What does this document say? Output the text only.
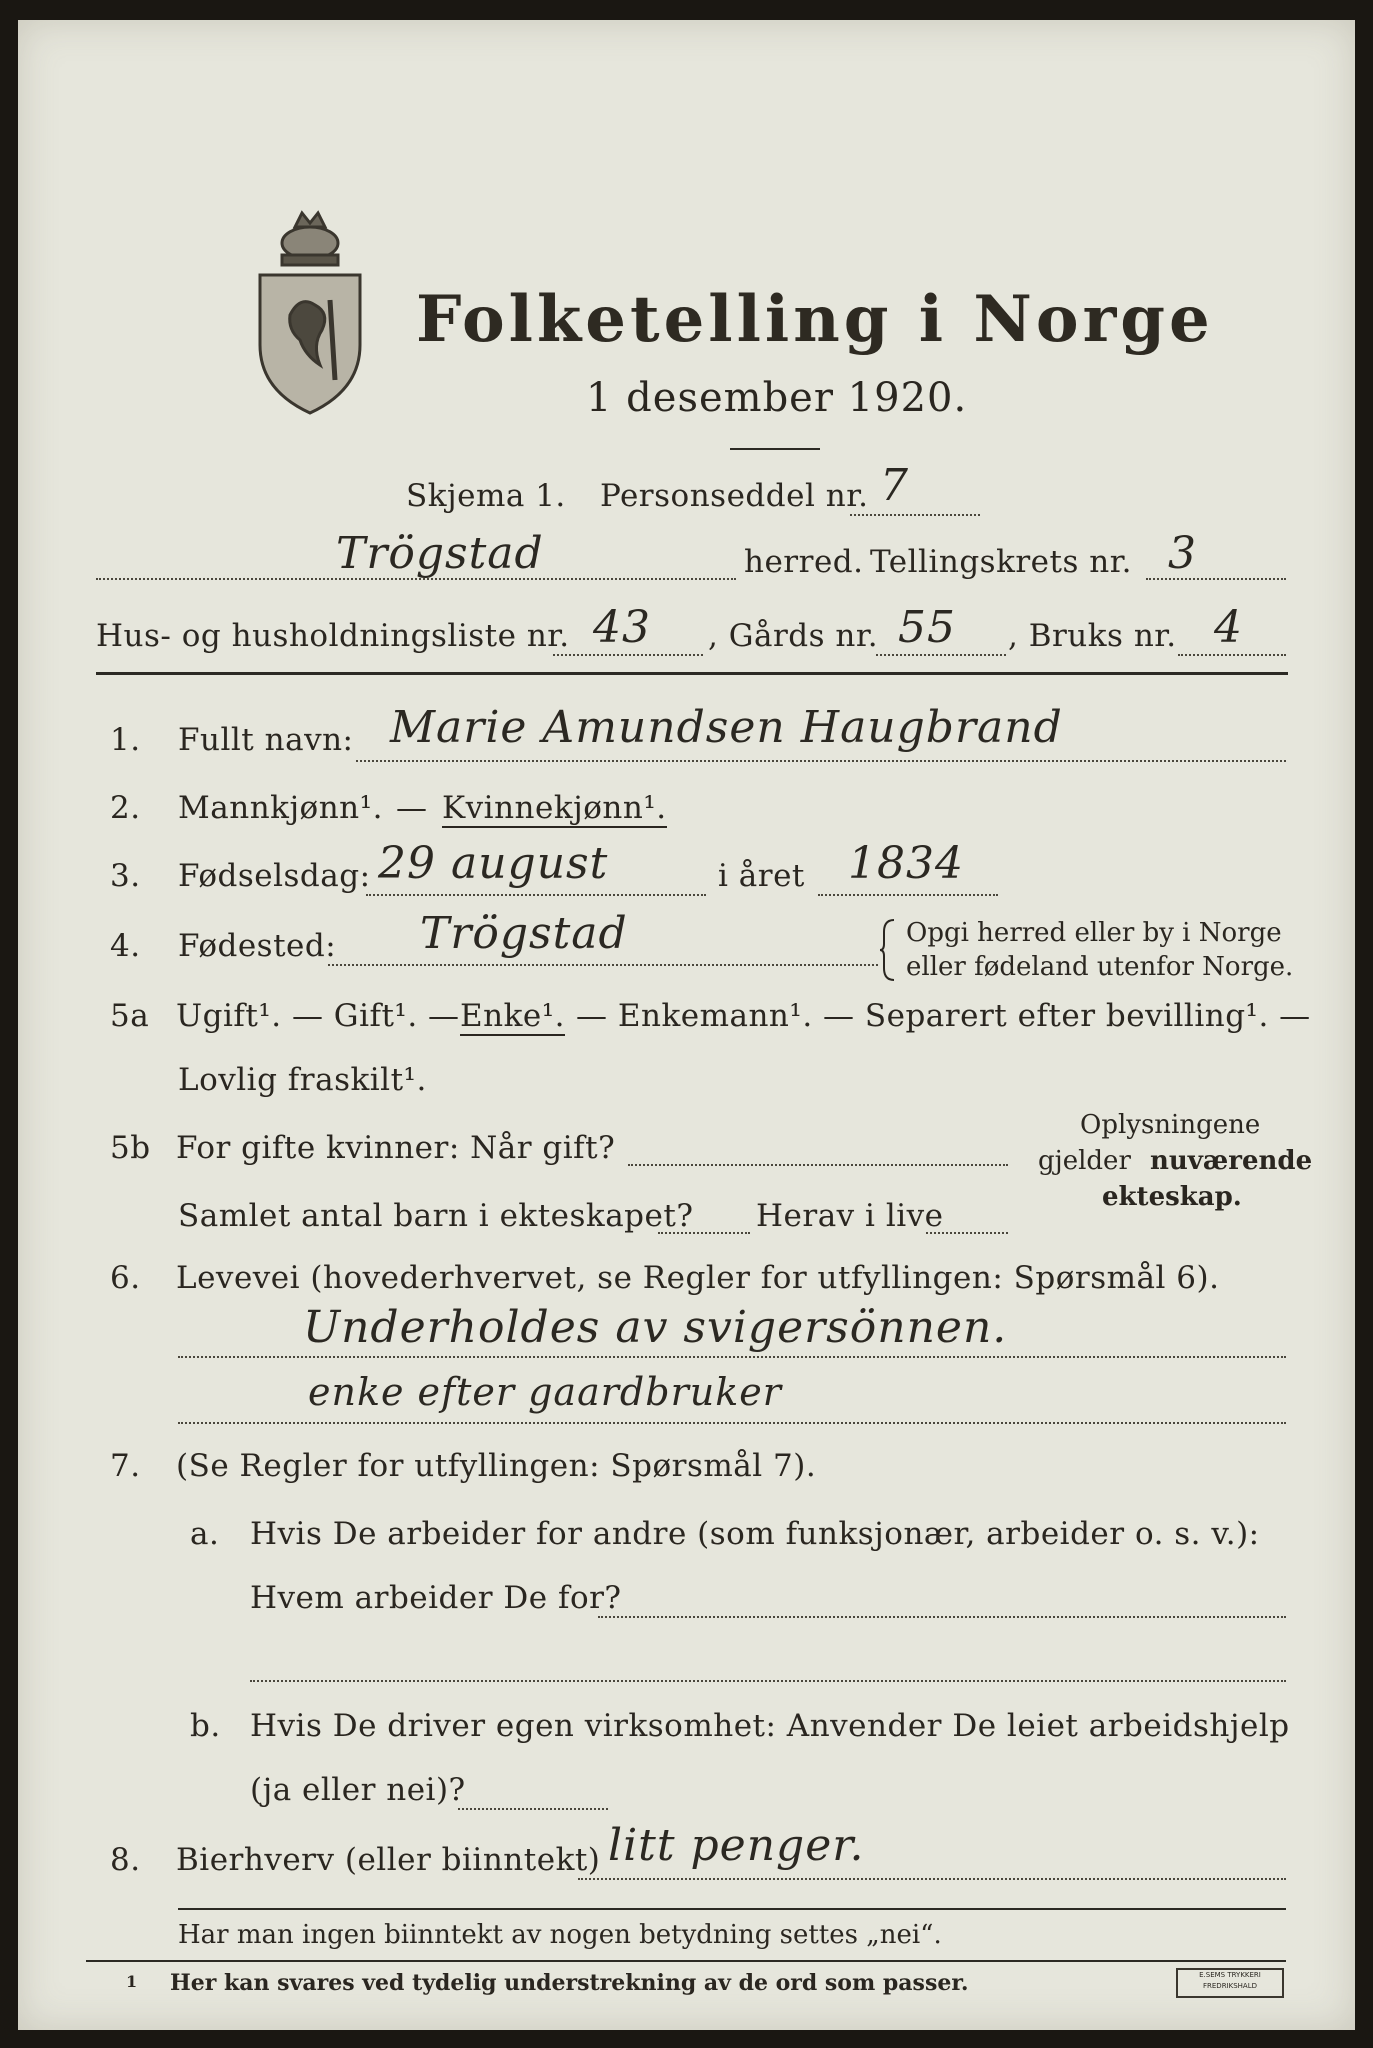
Folketelling i Norge
1 desember 1920.
Skjema 1. Personseddel nr. 7
Trögstad	herred. Tellingskrets nr. 3
Hus- og husholdningsliste nr. 43 , Gårds nr. 55 , Bruks nr. 4
1. Fullt navn: Marie Amundsen Haugbrand
2. Mannkjønn¹. — Kvinnekjønn¹.
3. Fødselsdag: 29 august	i året 1834
4. Fødested: Trögstad	Opgi herred eller by i Norge
eller fødeland utenfor Norge.
5a Ugift¹. — Gift¹. — Enke¹. — Enkemann¹. — Separert efter bevilling¹. —
Lovlig fraskilt¹.
5b For gifte kvinner: Når gift?
Samlet antal barn i ekteskapet? Herav i live
Oplysningene
gjelder nuværende
ekteskap.
6. Levevei (hovederhvervet, se Regler for utfyllingen: Spørsmål 6).
Underholdes av svigersönnen.
enke efter gaardbruker
7. (Se Regler for utfyllingen: Spørsmål 7).
a. Hvis De arbeider for andre (som funksjonær, arbeider o. s. v.):
Hvem arbeider De for?
b. Hvis De driver egen virksomhet: Anvender De leiet arbeidshjelp
(ja eller nei)?
8. Bierhverv (eller biinntekt) litt penger.
Har man ingen biinntekt av nogen betydning settes „nei“.
1 Her kan svares ved tydelig understrekning av de ord som passer.	E.SEMS TRYKKERI FREDRIKSHALD
